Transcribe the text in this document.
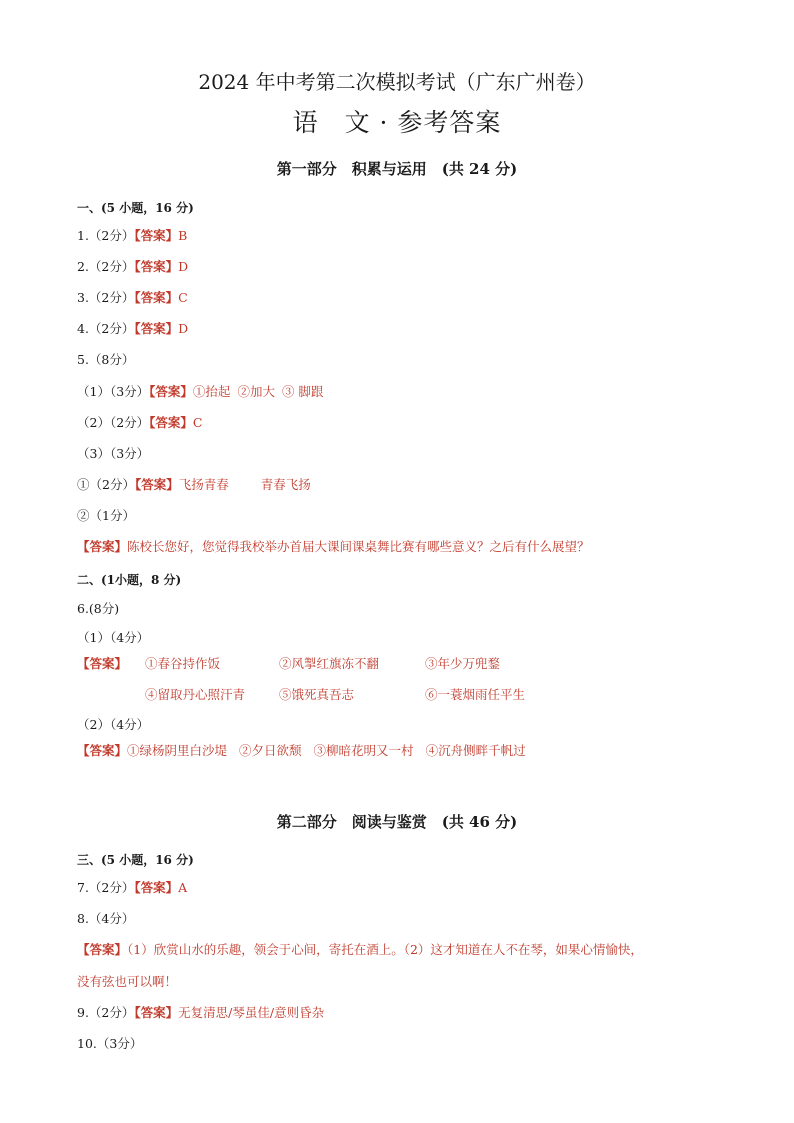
2024 年中考第二次模拟考试（广东广州卷）
语　文 · 参考答案
第一部分　积累与运用　(共 24 分)
一、(5 小题，16 分)
1.（2分）【答案】B
2.（2分）【答案】D
3.（2分）【答案】C
4.（2分）【答案】D
5.（8分）
（1）（3分）【答案】①抬起 ②加大 ③ 脚跟
（2）（2分）【答案】C
（3）（3分）
①（2分）【答案】飞扬青春	青春飞扬
②（1分）
【答案】陈校长您好，您觉得我校举办首届大课间课桌舞比赛有哪些意义？之后有什么展望？
二、(1小题，8 分)
6.(8分)
（1）（4分）
【答案】 ①春谷持作饭	②风掣红旗冻不翻	③年少万兜鍪
④留取丹心照汗青	⑤饿死真吾志	⑥一蓑烟雨任平生
（2）（4分）
【答案】①绿杨阴里白沙堤 ②夕日欲颓 ③柳暗花明又一村 ④沉舟侧畔千帆过
第二部分　阅读与鉴赏　(共 46 分)
三、(5 小题，16 分)
7.（2分）【答案】A
8.（4分）
【答案】（1）欣赏山水的乐趣，领会于心间，寄托在酒上。（2）这才知道在人不在琴，如果心情愉快，
没有弦也可以啊！
9.（2分）【答案】无复清思/琴虽佳/意则昏杂
10.（3分）
